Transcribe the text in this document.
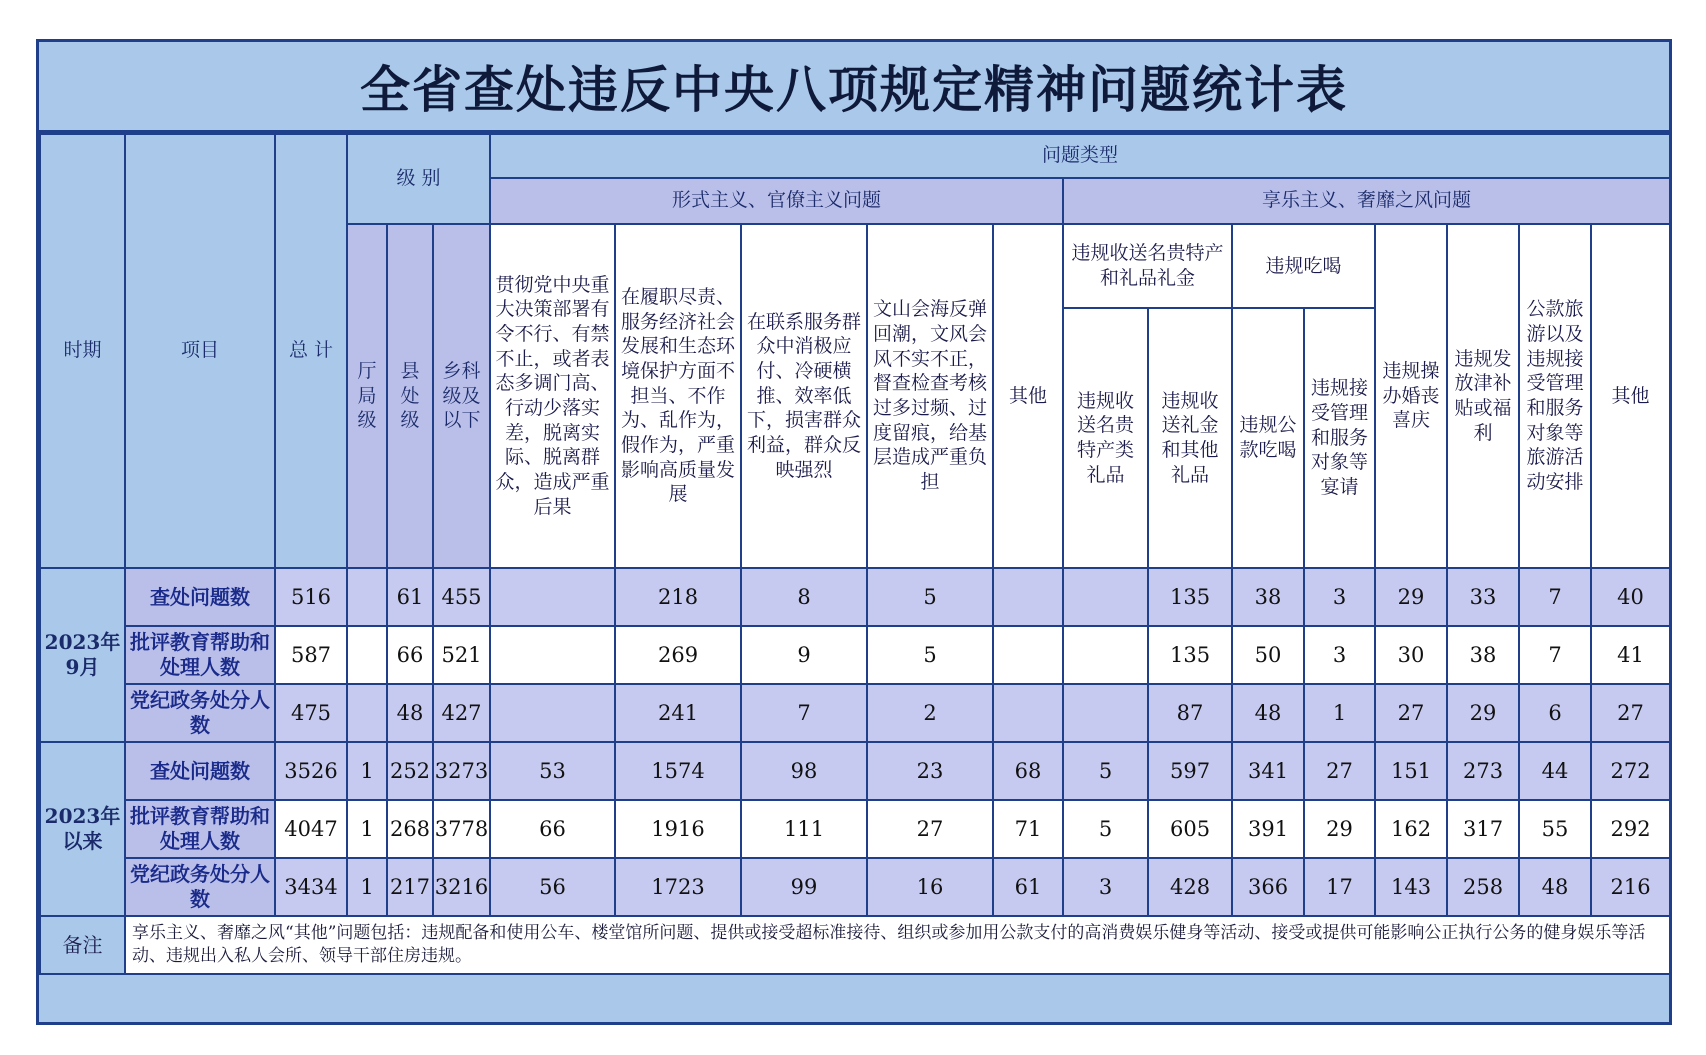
全省查处违反中央八项规定精神问题统计表
时期	项目	总 计	级 别			问题类型												
						形式主义、官僚主义问题					享乐主义、奢靡之风问题							
			厅局级	县处级	乡科级及以下	贯彻党中央重大决策部署有令不行、有禁不止，或者表态多调门高、行动少落实差，脱离实际、脱离群众，造成严重后果	在履职尽责、服务经济社会发展和生态环境保护方面不担当、不作为、乱作为，假作为，严重影响高质量发展	在联系服务群众中消极应付、冷硬横推、效率低下，损害群众利益，群众反映强烈	文山会海反弹回潮，文风会风不实不正，督查检查考核过多过频、过度留痕，给基层造成严重负担	其他	违规收送名贵特产和礼品礼金		违规吃喝		违规操办婚丧喜庆	违规发放津补贴或福利	公款旅游以及违规接受管理和服务对象等旅游活动安排	其他
											违规收送名贵特产类礼品	违规收送礼金和其他礼品	违规公款吃喝	违规接受管理和服务对象等宴请				
2023年9月	查处问题数	516		61	455		218	8	5			135	38	3	29	33	7	40
	批评教育帮助和处理人数	587		66	521		269	9	5			135	50	3	30	38	7	41
	党纪政务处分人数	475		48	427		241	7	2			87	48	1	27	29	6	27
2023年以来	查处问题数	3526	1	252	3273	53	1574	98	23	68	5	597	341	27	151	273	44	272
	批评教育帮助和处理人数	4047	1	268	3778	66	1916	111	27	71	5	605	391	29	162	317	55	292
	党纪政务处分人数	3434	1	217	3216	56	1723	99	16	61	3	428	366	17	143	258	48	216
备注	享乐主义、奢靡之风“其他”问题包括：违规配备和使用公车、楼堂馆所问题、提供或接受超标准接待、组织或参加用公款支付的高消费娱乐健身等活动、接受或提供可能影响公正执行公务的健身娱乐等活动、违规出入私人会所、领导干部住房违规。																	
